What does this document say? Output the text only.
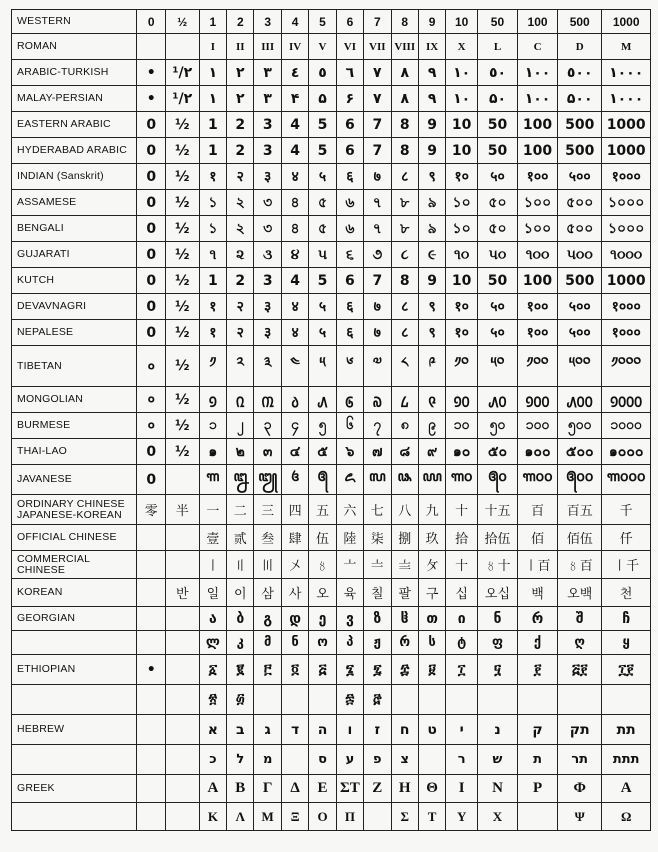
WESTERN	0	½	1	2	3	4	5	6	7	8	9	10	50	100	500	1000
ROMAN			I	II	III	IV	V	VI	VII	VIII	IX	X	L	C	D	M
ARABIC-TURKISH	•	¹/٢	١	٢	٣	٤	٥	٦	٧	٨	٩	١٠	٥٠	١٠٠	٥٠٠	١٠٠٠
MALAY-PERSIAN	•	¹/٢	١	٢	٣	۴	۵	۶	٧	٨	٩	١٠	۵٠	١٠٠	۵٠٠	١٠٠٠
EASTERN ARABIC	0	½	1	2	3	4	5	6	7	8	9	10	50	100	500	1000
HYDERABAD ARABIC	0	½	1	2	3	4	5	6	7	8	9	10	50	100	500	1000
INDIAN (Sanskrit)	0	½	१	२	३	४	५	६	७	८	९	१०	५०	१००	५००	१०००
ASSAMESE	0	½	১	২	৩	৪	৫	৬	৭	৮	৯	১০	৫০	১০০	৫০০	১০০০
BENGALI	0	½	১	২	৩	৪	৫	৬	৭	৮	৯	১০	৫০	১০০	৫০০	১০০০
GUJARATI	0	½	૧	૨	૩	૪	૫	૬	૭	૮	૯	૧૦	૫૦	૧૦૦	૫૦૦	૧૦૦૦
KUTCH	0	½	1	2	3	4	5	6	7	8	9	10	50	100	500	1000
DEVAVNAGRI	0	½	१	२	३	४	५	६	७	८	९	१०	५०	१००	५००	१०००
NEPALESE	0	½	१	२	३	४	५	६	७	८	९	१०	५०	१००	५००	१०००
TIBETAN	०	½	༡	༢	༣	༤	༥	༦	༧	༨	༩	༡༠	༥༠	༡༠༠	༥༠༠	༡༠༠༠
MONGOLIAN	०	½	᠑	᠒	᠓	᠔	᠕	᠖	᠗	᠘	᠙	᠑᠐	᠕᠐	᠑᠐᠐	᠕᠐᠐	᠑᠐᠐᠐
BURMESE	०	½	၁	၂	၃	၄	၅	၆	၇	၈	၉	၁၀	၅၀	၁၀၀	၅၀၀	၁၀၀၀
THAI-LAO	0	½	๑	๒	๓	๔	๕	๖	๗	๘	๙	๑๐	๕๐	๑๐๐	๕๐๐	๑๐๐๐
JAVANESE	0		꧑	꧒	꧓	꧔	꧕	꧖	꧗	꧘	꧙	꧑꧐	꧕꧐	꧑꧐꧐	꧕꧐꧐	꧑꧐꧐꧐
ORDINARY CHINESE JAPANESE-KOREAN	零	半	一	二	三	四	五	六	七	八	九	十	十五	百	百五	千
OFFICIAL CHINESE			壹	贰	叁	肆	伍	陸	柒	捌	玖	拾	拾伍	佰	佰伍	仟
COMMERCIAL CHINESE			〡	〢	〣	〤	〥	〦	〧	〨	〩	十	〥十	〡百	〥百	〡千
KOREAN		반	일	이	삼	사	오	육	칠	팔	구	십	오십	백	오백	천
GEORGIAN			ა	ბ	გ	დ	ე	ვ	ზ	ჱ	თ	ი	ნ	რ	შ	ჩ
			ლ	კ	მ	ნ	ო	პ	ჟ	რ	ს	ტ	ფ	ქ	ღ	ყ
ETHIOPIAN	•		፩	፪	፫	፬	፭	፮	፯	፰	፱	፲	፶	፻	፭፻	፲፻
			፳	፴				፷	፸							
HEBREW			א	ב	ג	ד	ה	ו	ז	ח	ט	י	נ	ק	תק	תת
			כ	ל	מ		ס	ע	פ	צ		ר	ש	ת	תר	תתת
GREEK			Α	Β	Γ	Δ	Ε	ΣΤ	Ζ	Η	Θ	Ι	Ν	Ρ	Φ	Α
			Κ	Λ	Μ	Ξ	Ο	Π		Σ	Τ	Υ	Χ		Ψ	Ω
